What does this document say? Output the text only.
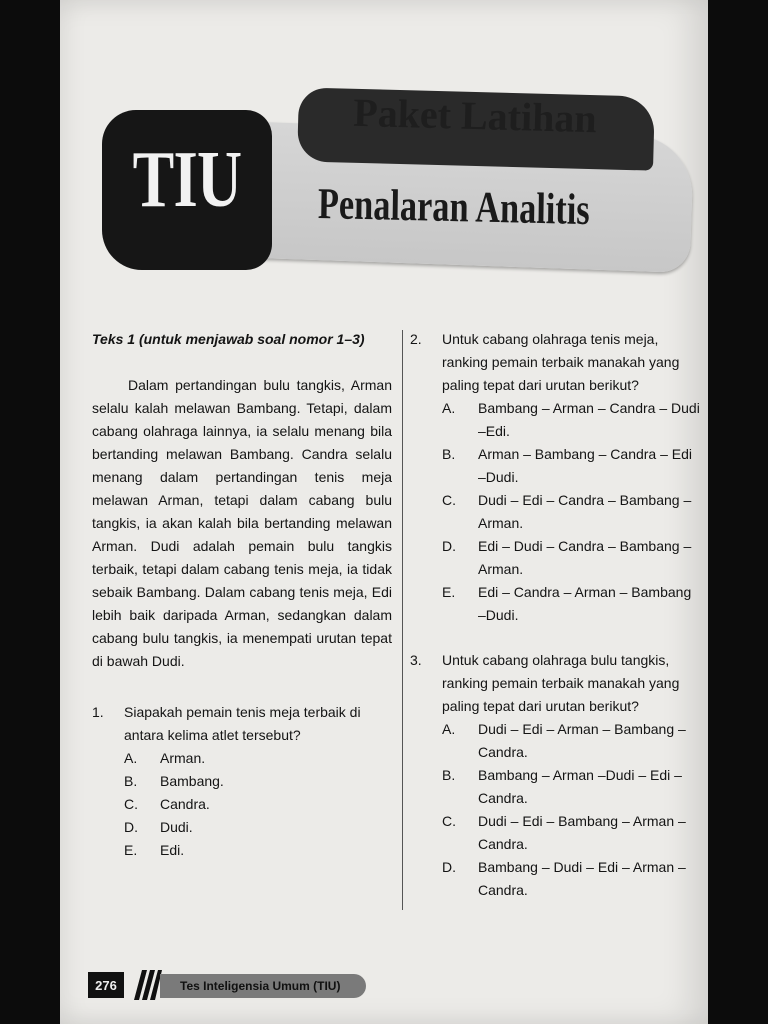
Paket Latihan
TIU Penalaran Analitis
Teks 1 (untuk menjawab soal nomor 1–3)
Dalam pertandingan bulu tangkis, Arman selalu kalah melawan Bambang. Tetapi, dalam cabang olahraga lainnya, ia selalu menang bila bertanding melawan Bambang. Candra selalu menang dalam pertandingan tenis meja melawan Arman, tetapi dalam cabang bulu tangkis, ia akan kalah bila bertanding melawan Arman. Dudi adalah pemain bulu tangkis terbaik, tetapi dalam cabang tenis meja, ia tidak sebaik Bambang. Dalam cabang tenis meja, Edi lebih baik daripada Arman, sedangkan dalam cabang bulu tangkis, ia menempati urutan tepat di bawah Dudi.
1.	Siapakah pemain tenis meja terbaik di antara kelima atlet tersebut?
A.	Arman.
B.	Bambang.
C.	Candra.
D.	Dudi.
E.	Edi.
2.	Untuk cabang olahraga tenis meja, ranking pemain terbaik manakah yang paling tepat dari urutan berikut?
A.	Bambang – Arman – Candra – Dudi –Edi.
B.	Arman – Bambang – Candra – Edi –Dudi.
C.	Dudi – Edi – Candra – Bambang –Arman.
D.	Edi – Dudi – Candra – Bambang –Arman.
E.	Edi – Candra – Arman – Bambang –Dudi.
3.	Untuk cabang olahraga bulu tangkis, ranking pemain terbaik manakah yang paling tepat dari urutan berikut?
A.	Dudi – Edi – Arman – Bambang –Candra.
B.	Bambang – Arman –Dudi – Edi – Candra.
C.	Dudi – Edi – Bambang – Arman –Candra.
D.	Bambang – Dudi – Edi – Arman – Candra.
276	Tes Inteligensia Umum (TIU)
